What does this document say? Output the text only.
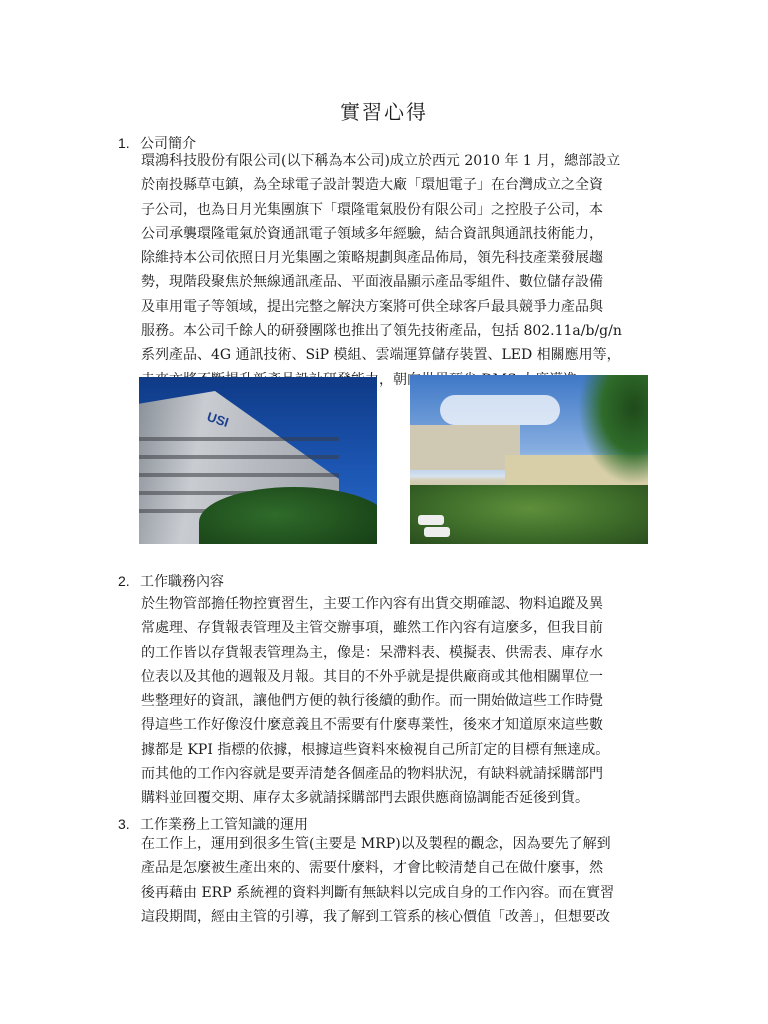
實習心得
1. 公司簡介
環鴻科技股份有限公司(以下稱為本公司)成立於西元 2010 年 1 月，總部設立
於南投縣草屯鎮，為全球電子設計製造大廠「環旭電子」在台灣成立之全資
子公司，也為日月光集團旗下「環隆電氣股份有限公司」之控股子公司，本
公司承襲環隆電氣於資通訊電子領域多年經驗，結合資訊與通訊技術能力，
除維持本公司依照日月光集團之策略規劃與產品佈局，領先科技產業發展趨
勢，現階段聚焦於無線通訊產品、平面液晶顯示產品零組件、數位儲存設備
及車用電子等領域，提出完整之解決方案將可供全球客戶最具競爭力產品與
服務。本公司千餘人的研發團隊也推出了領先技術產品，包括 802.11a/b/g/n
系列產品、4G 通訊技術、SiP 模組、雲端運算儲存裝置、LED 相關應用等，
USI
2. 工作職務內容
於生物管部擔任物控實習生，主要工作內容有出貨交期確認、物料追蹤及異
常處理、存貨報表管理及主管交辦事項，雖然工作內容有這麼多，但我目前
的工作皆以存貨報表管理為主，像是：呆滯料表、模擬表、供需表、庫存水
位表以及其他的週報及月報。其目的不外乎就是提供廠商或其他相關單位一
些整理好的資訊，讓他們方便的執行後續的動作。而一開始做這些工作時覺
得這些工作好像沒什麼意義且不需要有什麼專業性，後來才知道原來這些數
據都是 KPI 指標的依據，根據這些資料來檢視自己所訂定的目標有無達成。
而其他的工作內容就是要弄清楚各個產品的物料狀況，有缺料就請採購部門
購料並回覆交期、庫存太多就請採購部門去跟供應商協調能否延後到貨。
3. 工作業務上工管知識的運用
在工作上，運用到很多生管(主要是 MRP)以及製程的觀念，因為要先了解到
產品是怎麼被生產出來的、需要什麼料，才會比較清楚自己在做什麼事，然
後再藉由 ERP 系統裡的資料判斷有無缺料以完成自身的工作內容。而在實習
這段期間，經由主管的引導，我了解到工管系的核心價值「改善」，但想要改
